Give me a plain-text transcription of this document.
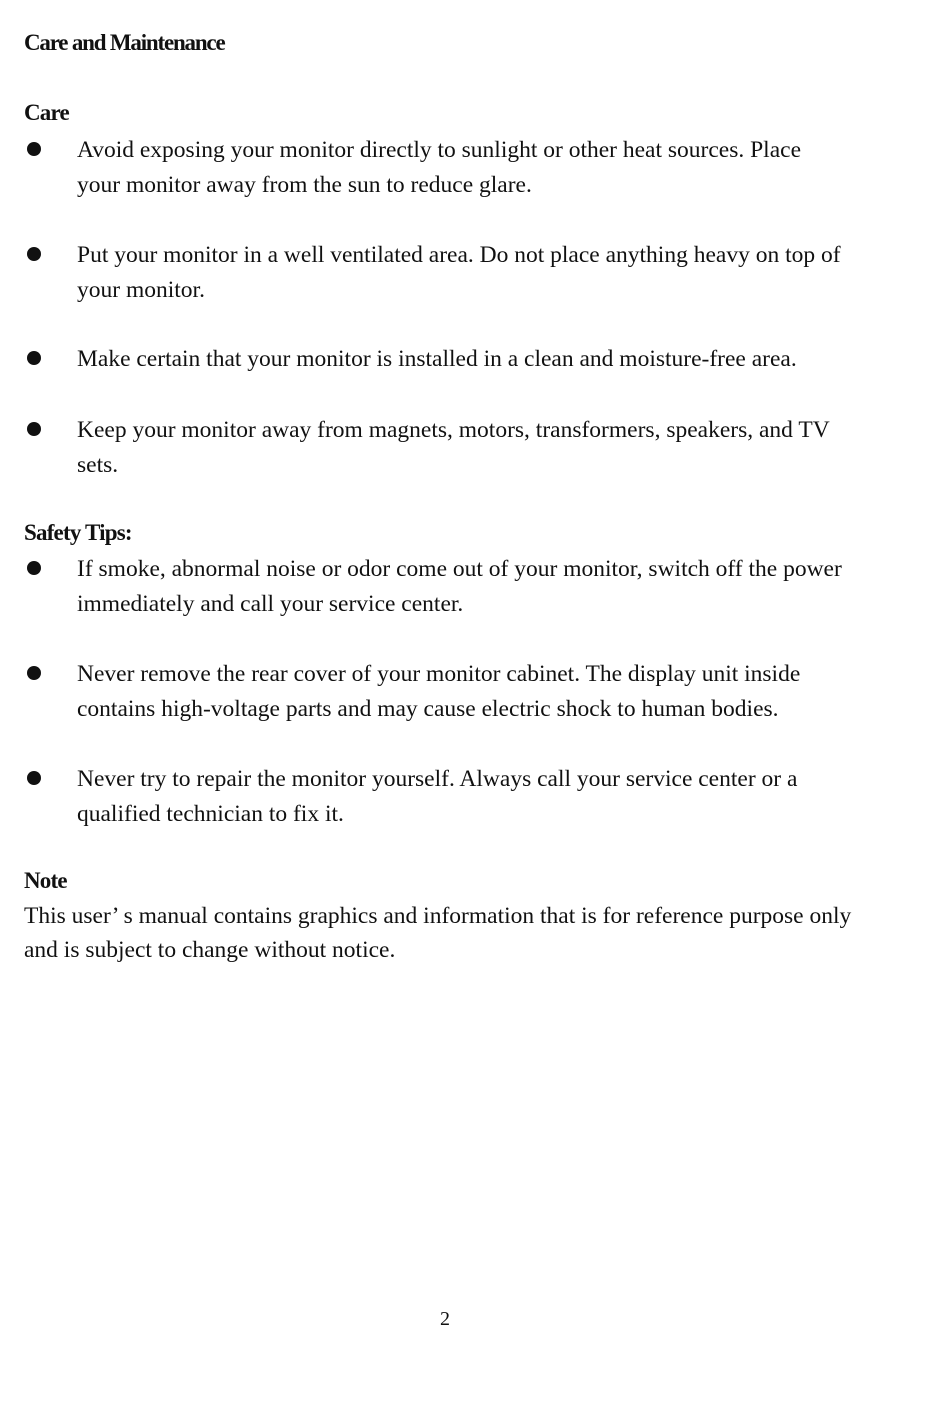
Care and Maintenance
Care
Avoid exposing your monitor directly to sunlight or other heat sources. Place
your monitor away from the sun to reduce glare.
Put your monitor in a well ventilated area. Do not place anything heavy on top of
your monitor.
Make certain that your monitor is installed in a clean and moisture-free area.
Keep your monitor away from magnets, motors, transformers, speakers, and TV
sets.
Safety Tips:
If smoke, abnormal noise or odor come out of your monitor, switch off the power
immediately and call your service center.
Never remove the rear cover of your monitor cabinet. The display unit inside
contains high-voltage parts and may cause electric shock to human bodies.
Never try to repair the monitor yourself. Always call your service center or a
qualified technician to fix it.
Note
This user’ s manual contains graphics and information that is for reference purpose only
and is subject to change without notice.
2
